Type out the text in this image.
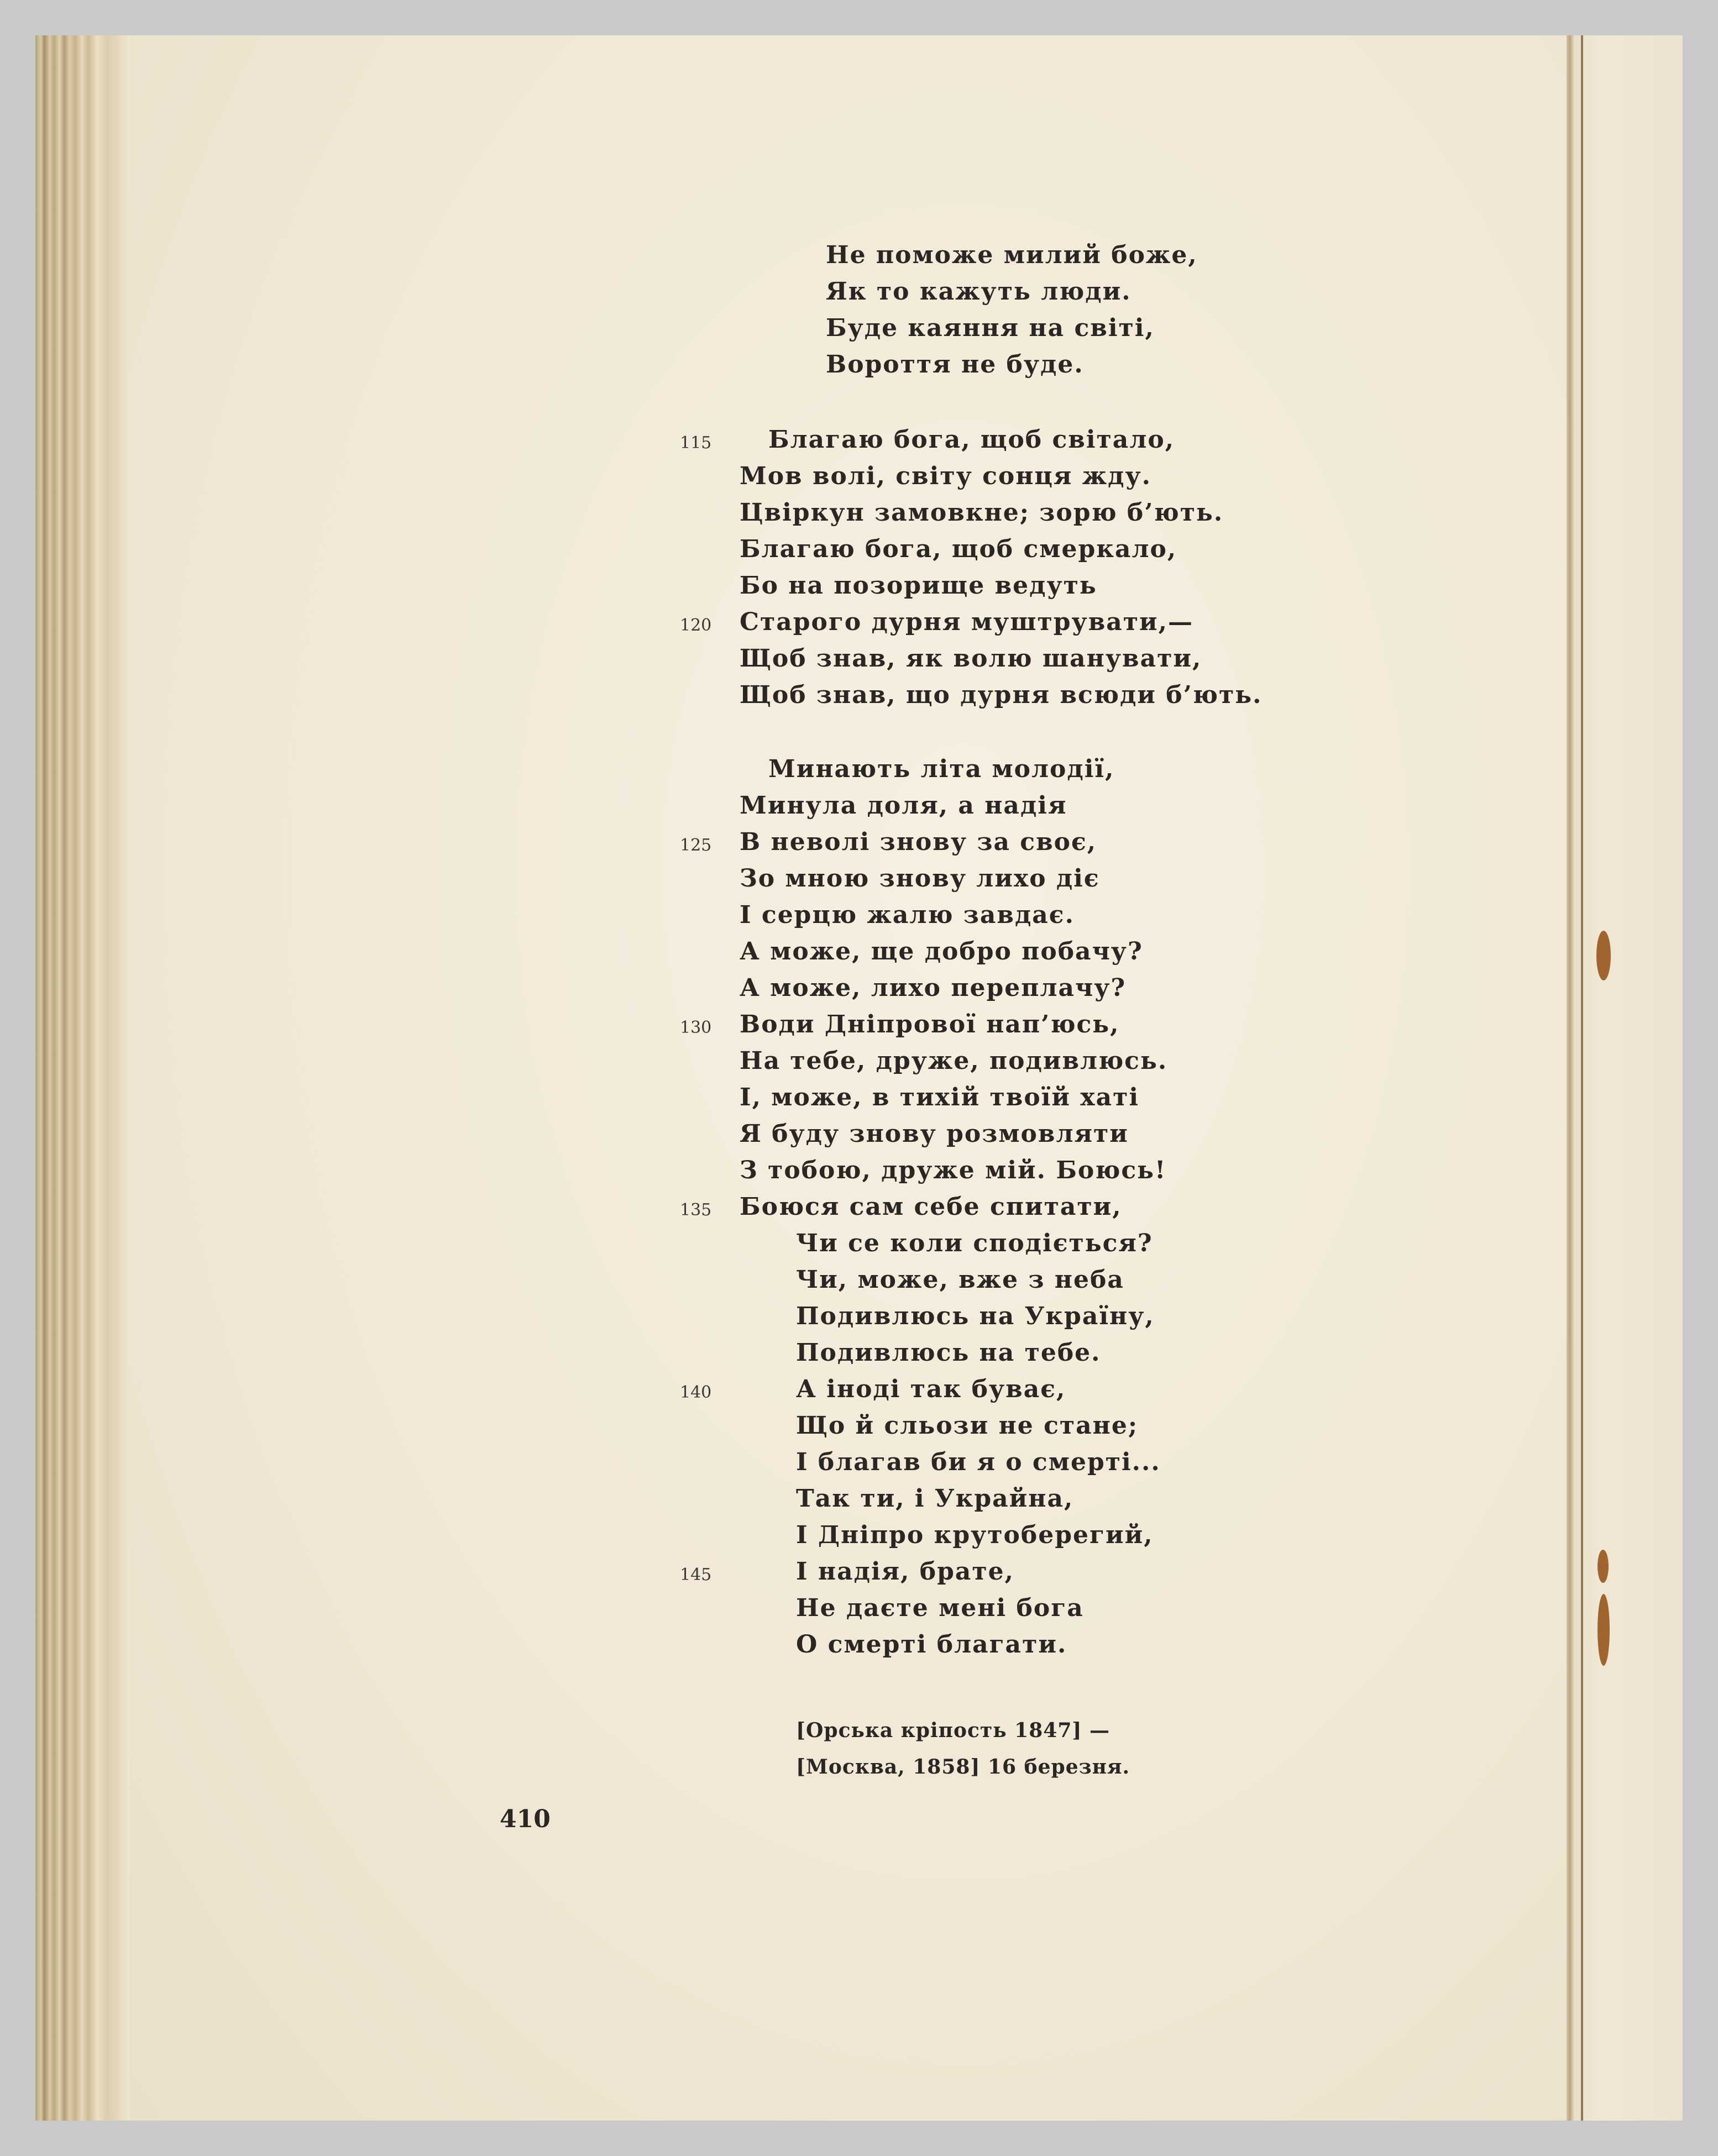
Не поможе милий боже,
Як то кажуть люди.
Буде каяння на світі,
Вороття не буде.
115 Благаю бога, щоб світало,
Мов волі, світу сонця жду.
Цвіркун замовкне; зорю б’ють.
Благаю бога, щоб смеркало,
Бо на позорище ведуть
120 Старого дурня муштрувати,—
Щоб знав, як волю шанувати,
Щоб знав, що дурня всюди б’ють.
Минають літа молодії,
Минула доля, а надія
125 В неволі знову за своє,
Зо мною знову лихо діє
І серцю жалю завдає.
А може, ще добро побачу?
А може, лихо переплачу?
130 Води Дніпрової нап’юсь,
На тебе, друже, подивлюсь.
І, може, в тихій твоїй хаті
Я буду знову розмовляти
З тобою, друже мій. Боюсь!
135 Боюся сам себе спитати,
Чи се коли сподіється?
Чи, може, вже з неба
Подивлюсь на Україну,
Подивлюсь на тебе.
140	А іноді так буває,
Що й сльози не стане;
І благав би я о смерті...
Так ти, і Украйна,
І Дніпро крутоберегий,
145	І надія, брате,
Не даєте мені бога
О смерті благати.
[Орська кріпость 1847] —
[Москва, 1858] 16 березня.
410
